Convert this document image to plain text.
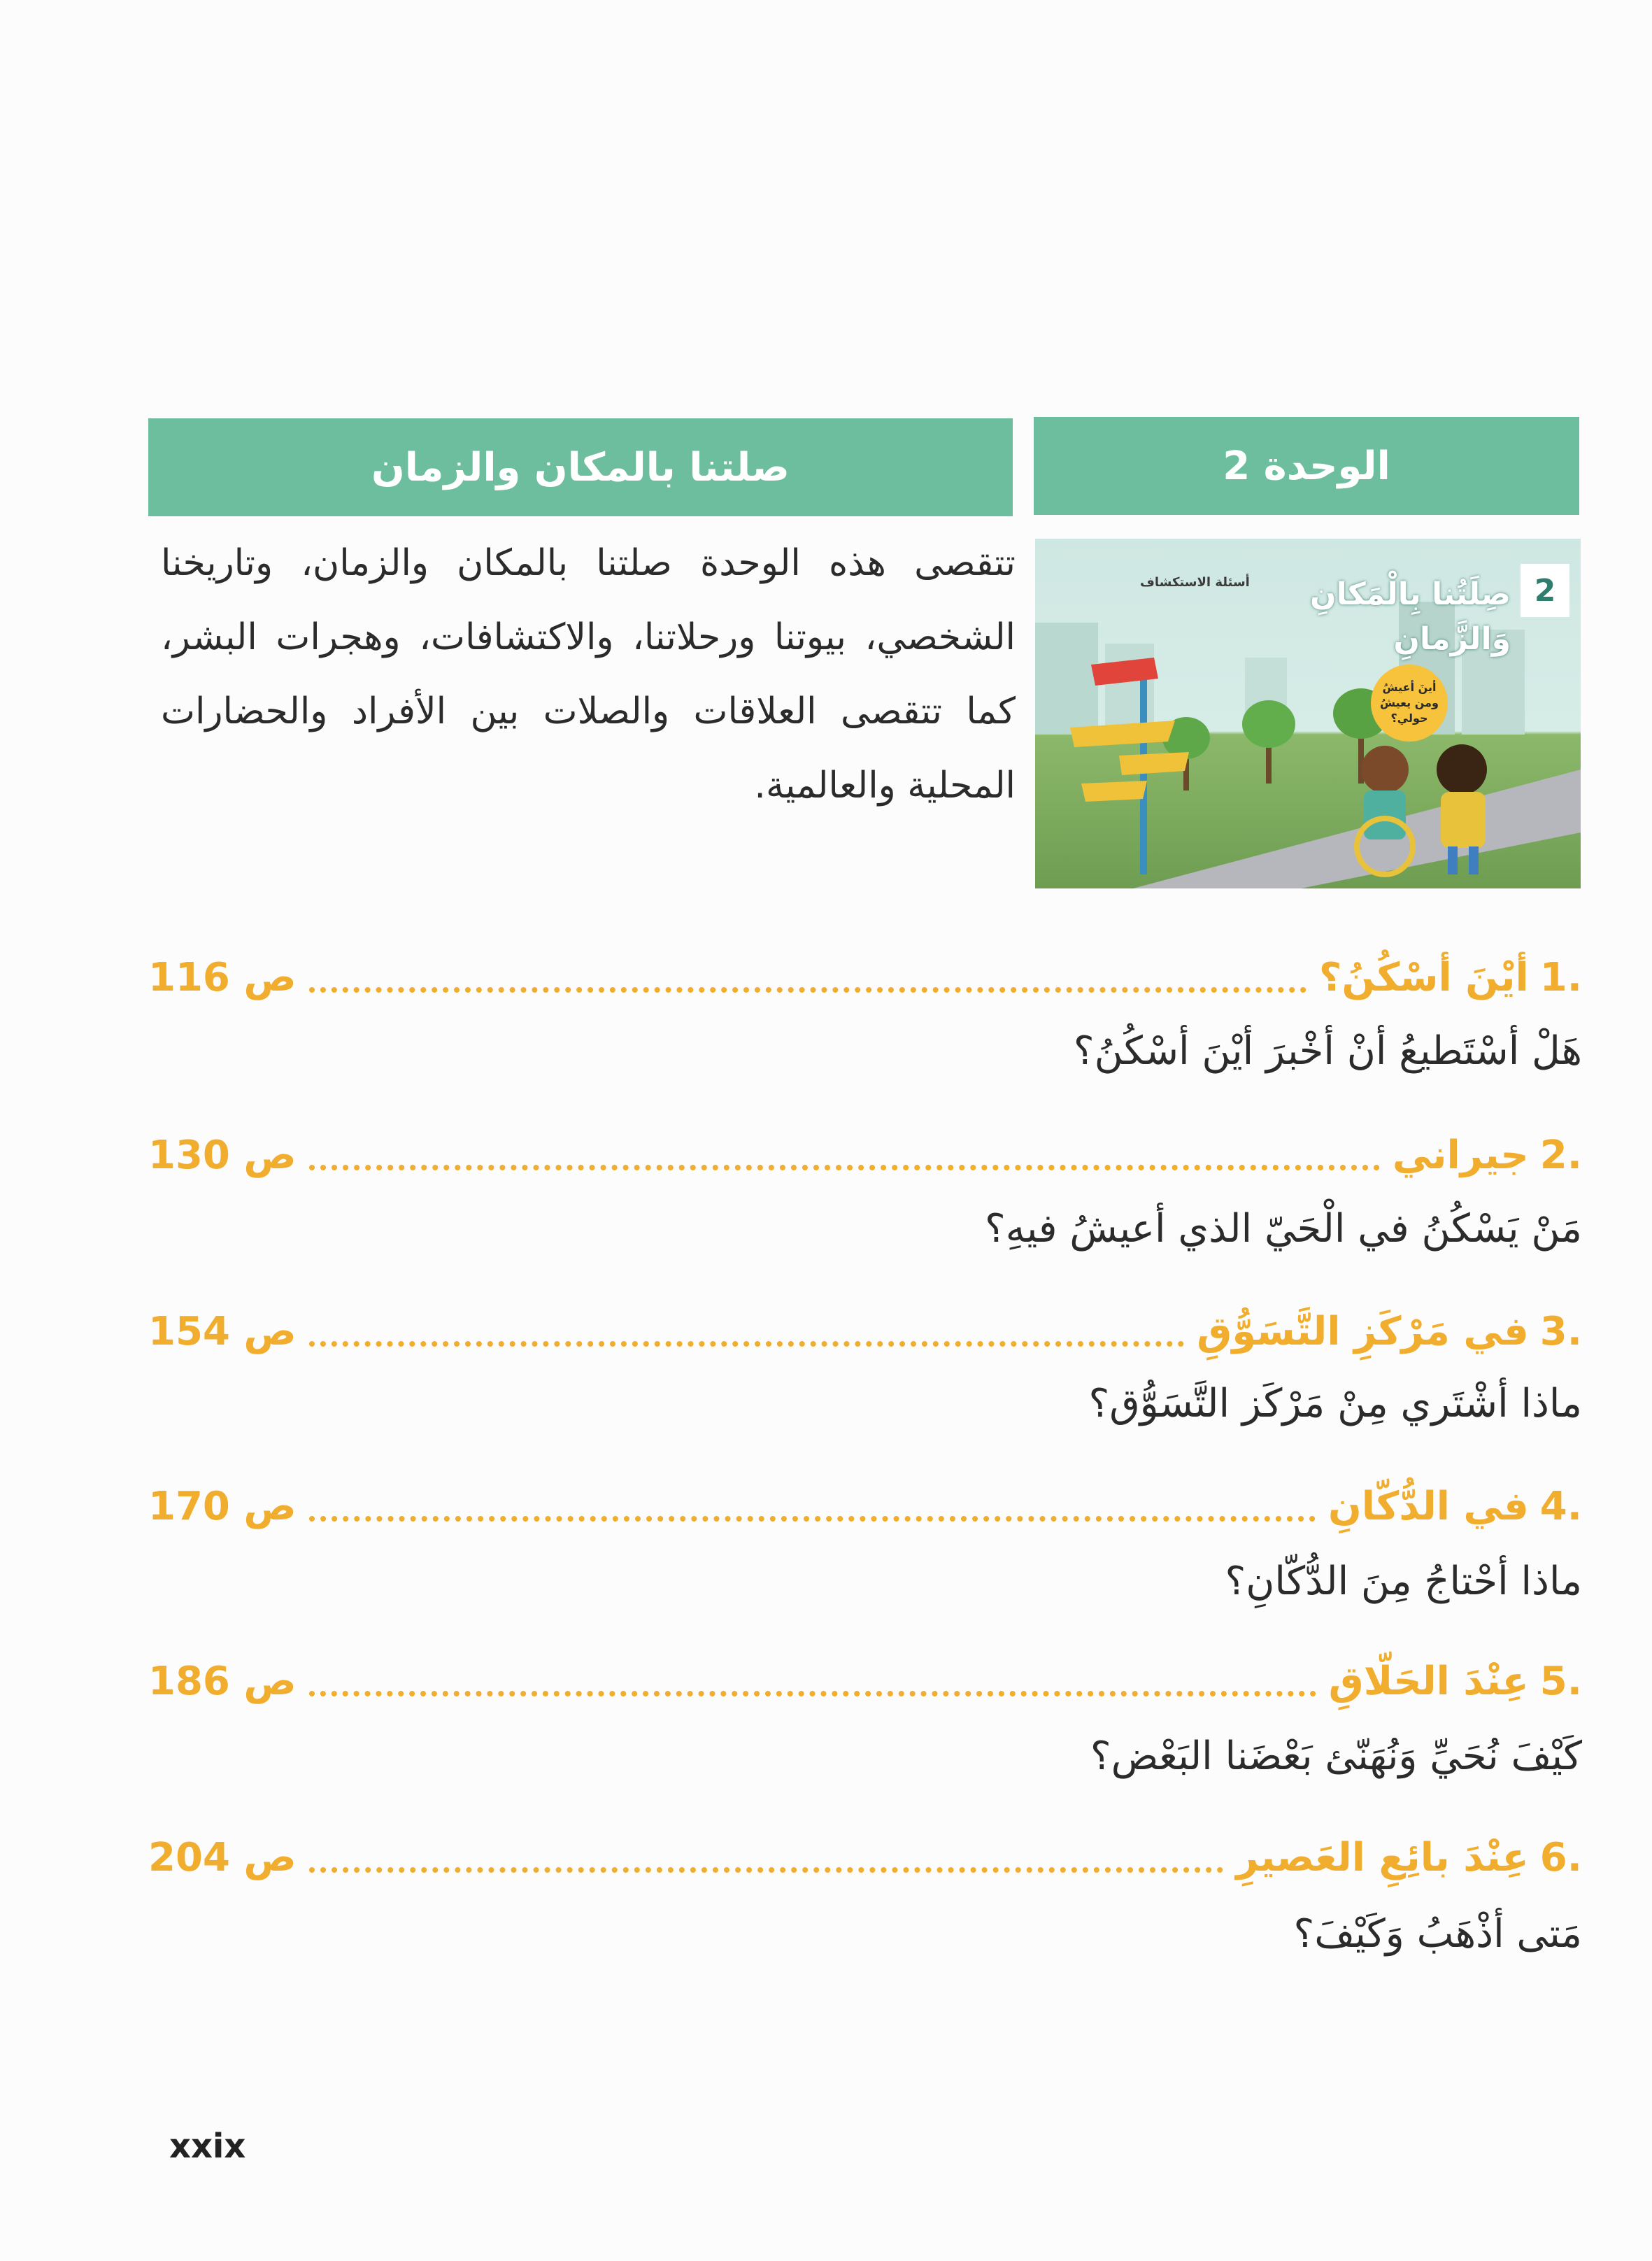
صلتنا بالمكان والزمان	الوحدة 2
2
صِلَتُنا بِالْمَكانِ وَالزَّمانِ
أسئلة الاستكشاف
أينَ أعيشُ ومن يعيشُ حولي؟
تتقصى هذه الوحدة صلتنا بالمكان والزمان، وتاريخنا الشخصي، بيوتنا ورحلاتنا، والاكتشافات، وهجرات البشر، كما تتقصى العلاقات والصلات بين الأفراد والحضارات المحلية والعالمية.
ص 116	أيْنَ أسْكُنُ؟ 1.
هَلْ أسْتَطيعُ أنْ أخْبرَ أيْنَ أسْكُنُ؟
ص 130	جيراني 2.
مَنْ يَسْكُنُ في الْحَيّ الذي أعيشُ فيهِ؟
ص 154	في مَرْكَزِ التَّسَوُّقِ 3.
ماذا أشْتَري مِنْ مَرْكَز التَّسَوُّق؟
ص 170	في الدُّكّانِ 4.
ماذا أحْتاجُ مِنَ الدُّكّانِ؟
ص 186	عِنْدَ الحَلّاقِ 5.
كَيْفَ نُحَيِّ وَنُهَنّئ بَعْضَنا البَعْض؟
ص 204	عِنْدَ بائِعِ العَصيرِ 6.
مَتى أذْهَبُ وَكَيْفَ؟
xxix
